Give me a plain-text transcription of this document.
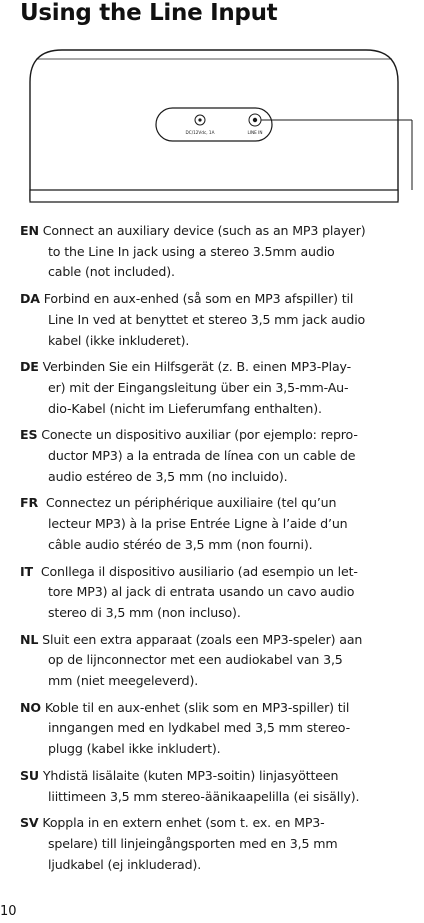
Using the Line Input
DC/12Vdc, 1A	LINE IN

EN Connect an auxiliary device (such as an MP3 player)
to the Line In jack using a stereo 3.5mm audio
cable (not included).

DA Forbind en aux-enhed (så som en MP3 afspiller) til
Line In ved at benyttet et stereo 3,5 mm jack audio
kabel (ikke inkluderet).

DE Verbinden Sie ein Hilfsgerät (z. B. einen MP3-Play-
er) mit der Eingangsleitung über ein 3,5-mm-Au-
dio-Kabel (nicht im Lieferumfang enthalten).

ES Conecte un dispositivo auxiliar (por ejemplo: repro-
ductor MP3) a la entrada de línea con un cable de
audio estéreo de 3,5 mm (no incluido).

FR Connectez un périphérique auxiliaire (tel qu’un
lecteur MP3) à la prise Entrée Ligne à l’aide d’un
câble audio stéréo de 3,5 mm (non fourni).

IT Conllega il dispositivo ausiliario (ad esempio un let-
tore MP3) al jack di entrata usando un cavo audio
stereo di 3,5 mm (non incluso).

NL Sluit een extra apparaat (zoals een MP3-speler) aan
op de lijnconnector met een audiokabel van 3,5
mm (niet meegeleverd).

NO Koble til en aux-enhet (slik som en MP3-spiller) til
inngangen med en lydkabel med 3,5 mm stereo-
plugg (kabel ikke inkludert).

SU Yhdistä lisälaite (kuten MP3-soitin) linjasyötteen
liittimeen 3,5 mm stereo-äänikaapelilla (ei sisälly).

SV Koppla in en extern enhet (som t. ex. en MP3-
spelare) till linjeingångsporten med en 3,5 mm
ljudkabel (ej inkluderad).

10
